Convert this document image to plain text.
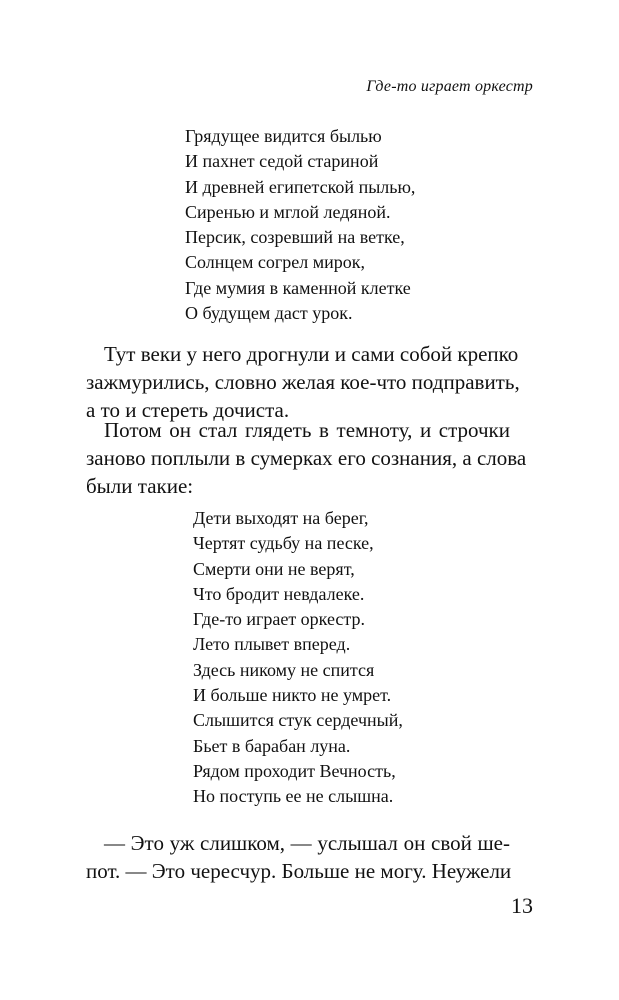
Где-то играет оркестр
Грядущее видится былью
И пахнет седой стариной
И древней египетской пылью,
Сиренью и мглой ледяной.
Персик, созревший на ветке,
Солнцем согрел мирок,
Где мумия в каменной клетке
О будущем даст урок.

Тут веки у него дрогнули и сами собой крепко
зажмурились, словно желая кое-что подправить,
а то и стереть дочиста.

Потом он стал глядеть в темноту, и строчки
заново поплыли в сумерках его сознания, а слова
были такие:

Дети выходят на берег,
Чертят судьбу на песке,
Смерти они не верят,
Что бродит невдалеке.
Где-то играет оркестр.
Лето плывет вперед.
Здесь никому не спится
И больше никто не умрет.
Слышится стук сердечный,
Бьет в барабан луна.
Рядом проходит Вечность,
Но поступь ее не слышна.

— Это уж слишком, — услышал он свой ше-
пот. — Это чересчур. Больше не могу. Неужели

13
